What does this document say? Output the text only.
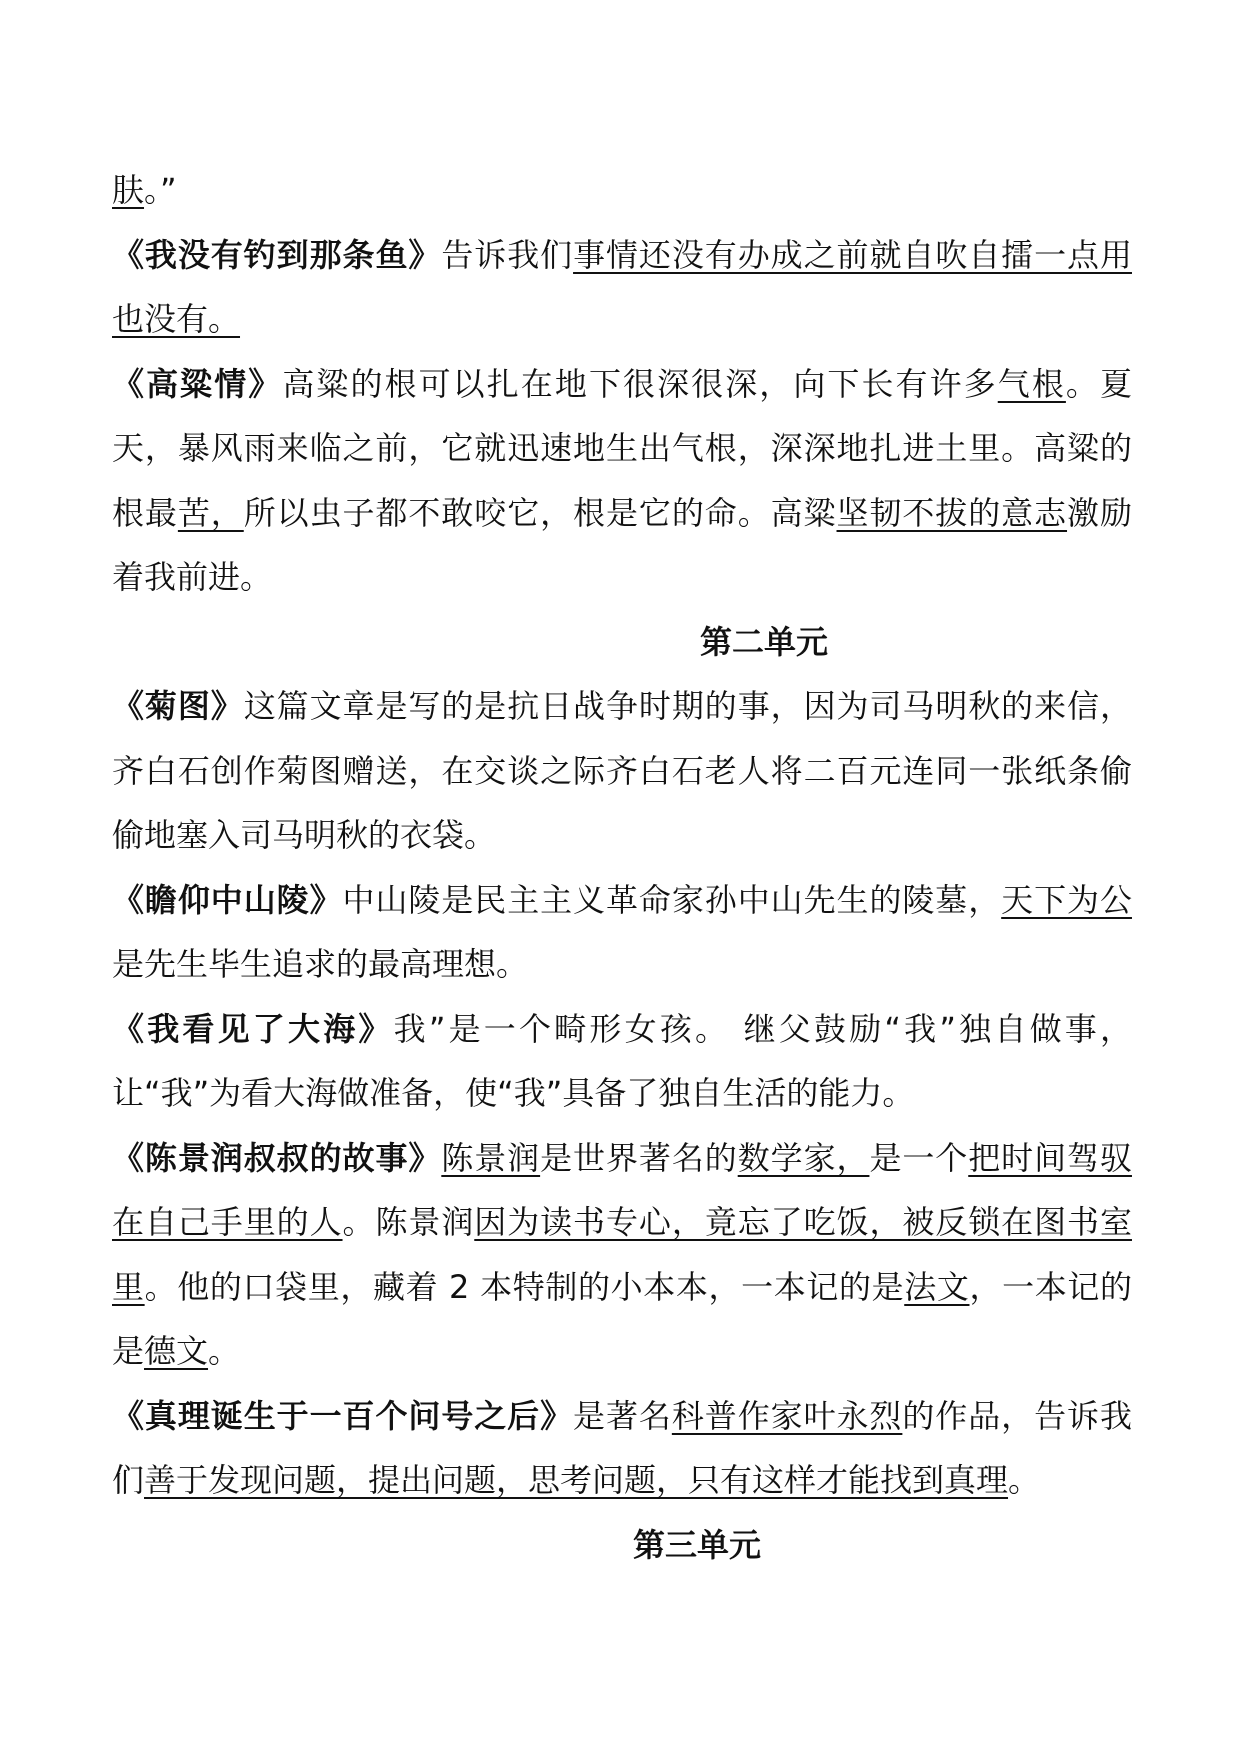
肤。”

《我没有钓到那条鱼》告诉我们事情还没有办成之前就自吹自擂一点用也没有。

《高粱情》高粱的根可以扎在地下很深很深，向下长有许多气根。夏天，暴风雨来临之前，它就迅速地生出气根，深深地扎进土里。高粱的根最苦，所以虫子都不敢咬它，根是它的命。高粱坚韧不拔的意志激励着我前进。

第二单元

《菊图》这篇文章是写的是抗日战争时期的事，因为司马明秋的来信，齐白石创作菊图赠送，在交谈之际齐白石老人将二百元连同一张纸条偷偷地塞入司马明秋的衣袋。

《瞻仰中山陵》中山陵是民主主义革命家孙中山先生的陵墓，天下为公是先生毕生追求的最高理想。

《我看见了大海》我”是一个畸形女孩。 继父鼓励“我”独自做事，让“我”为看大海做准备，使“我”具备了独自生活的能力。

《陈景润叔叔的故事》陈景润是世界著名的数学家，是一个把时间驾驭在自己手里的人。陈景润因为读书专心，竟忘了吃饭，被反锁在图书室里。他的口袋里，藏着 2 本特制的小本本，一本记的是法文，一本记的是德文。

《真理诞生于一百个问号之后》是著名科普作家叶永烈的作品，告诉我们善于发现问题，提出问题，思考问题，只有这样才能找到真理。

第三单元
